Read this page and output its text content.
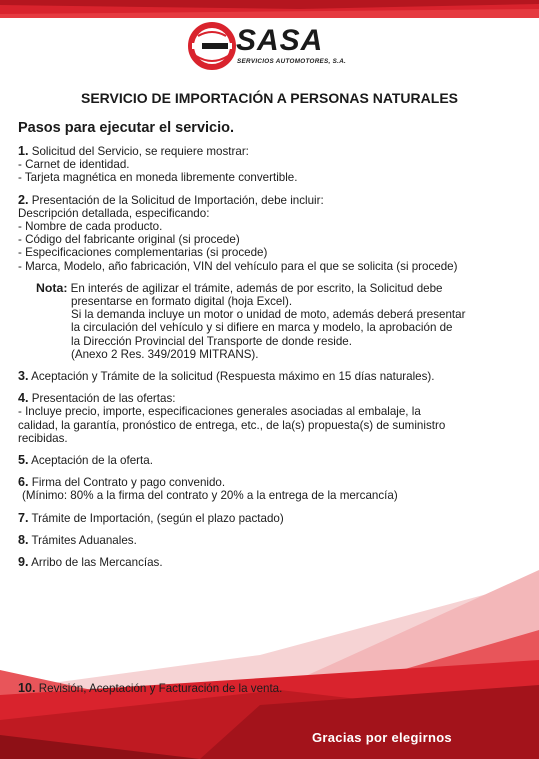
SASA
SERVICIOS AUTOMOTORES, S.A.
SERVICIO DE IMPORTACIÓN A PERSONAS NATURALES
Pasos para ejecutar el servicio.
1. Solicitud del Servicio, se requiere mostrar:
- Carnet de identidad.
- Tarjeta magnética en moneda libremente convertible.
2. Presentación de la Solicitud de Importación, debe incluir:
Descripción detallada, especificando:
- Nombre de cada producto.
- Código del fabricante original (si procede)
- Especificaciones complementarias (si procede)
- Marca, Modelo, año fabricación, VIN del vehículo para el que se solicita (si procede)
Nota: En interés de agilizar el trámite, además de por escrito, la Solicitud debe
presentarse en formato digital (hoja Excel).
Si la demanda incluye un motor o unidad de moto, además deberá presentar
la circulación del vehículo y si difiere en marca y modelo, la aprobación de
la Dirección Provincial del Transporte de donde reside.
(Anexo 2 Res. 349/2019 MITRANS).
3. Aceptación y Trámite de la solicitud (Respuesta máximo en 15 días naturales).
4. Presentación de las ofertas:
- Incluye precio, importe, especificaciones generales asociadas al embalaje, la
calidad, la garantía, pronóstico de entrega, etc., de la(s) propuesta(s) de suministro
recibidas.
5. Aceptación de la oferta.
6. Firma del Contrato y pago convenido.
(Mínimo: 80% a la firma del contrato y 20% a la entrega de la mercancía)
7. Trámite de Importación, (según el plazo pactado)
8. Trámites Aduanales.
9. Arribo de las Mercancías.
10. Revisión, Aceptación y Facturación de la venta.
Gracias por elegirnos
